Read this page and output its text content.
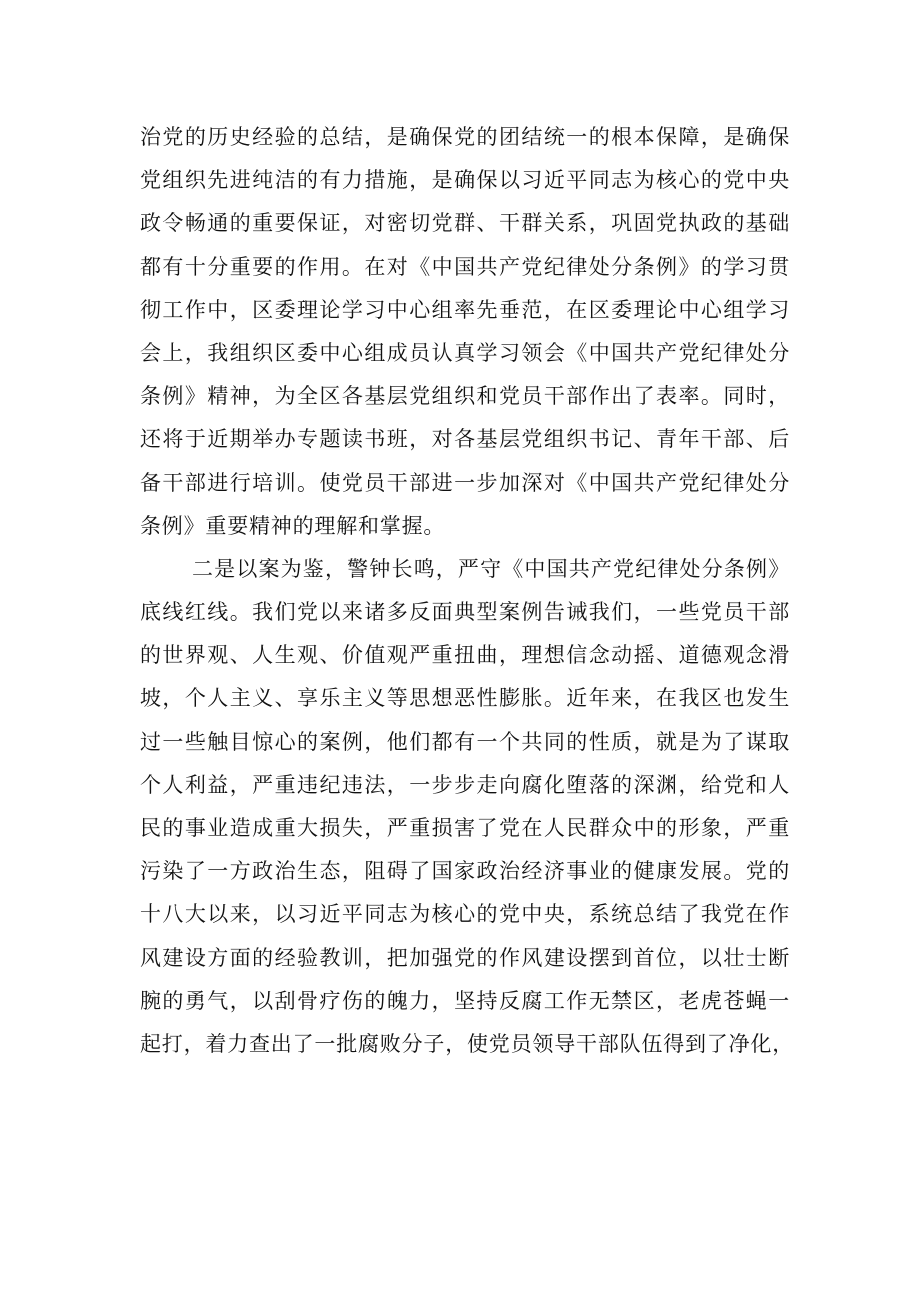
治党的历史经验的总结，是确保党的团结统一的根本保障，是确保
党组织先进纯洁的有力措施，是确保以习近平同志为核心的党中央
政令畅通的重要保证，对密切党群、干群关系，巩固党执政的基础
都有十分重要的作用。在对《中国共产党纪律处分条例》的学习贯
彻工作中，区委理论学习中心组率先垂范，在区委理论中心组学习
会上，我组织区委中心组成员认真学习领会《中国共产党纪律处分
条例》精神，为全区各基层党组织和党员干部作出了表率。同时，
还将于近期举办专题读书班，对各基层党组织书记、青年干部、后
备干部进行培训。使党员干部进一步加深对《中国共产党纪律处分
条例》重要精神的理解和掌握。
二是以案为鉴，警钟长鸣，严守《中国共产党纪律处分条例》
底线红线。我们党以来诸多反面典型案例告诫我们，一些党员干部
的世界观、人生观、价值观严重扭曲，理想信念动摇、道德观念滑
坡，个人主义、享乐主义等思想恶性膨胀。近年来，在我区也发生
过一些触目惊心的案例，他们都有一个共同的性质，就是为了谋取
个人利益，严重违纪违法，一步步走向腐化堕落的深渊，给党和人
民的事业造成重大损失，严重损害了党在人民群众中的形象，严重
污染了一方政治生态，阻碍了国家政治经济事业的健康发展。党的
十八大以来，以习近平同志为核心的党中央，系统总结了我党在作
风建设方面的经验教训，把加强党的作风建设摆到首位，以壮士断
腕的勇气，以刮骨疗伤的魄力，坚持反腐工作无禁区，老虎苍蝇一
起打，着力查出了一批腐败分子，使党员领导干部队伍得到了净化，
